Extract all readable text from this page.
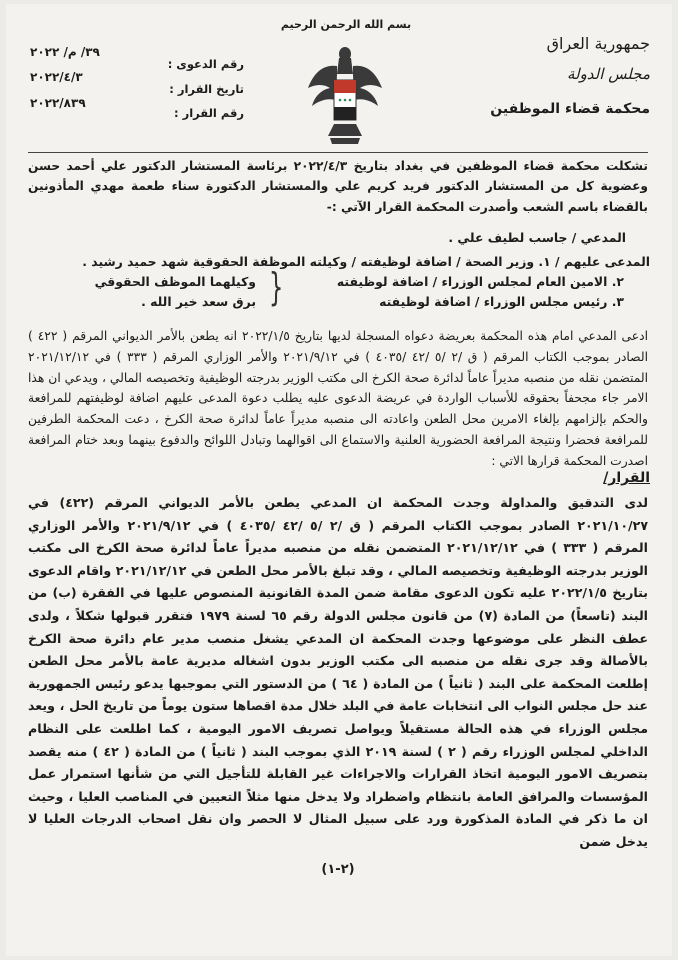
بسم الله الرحمن الرحيم
جمهورية العراق
مجلس الدولة
محكمة قضاء الموظفين
رقم الدعوى :
تاريخ القرار :
رقم القرار :
٣٩/ م/ ٢٠٢٢
٢٠٢٢/٤/٣
٢٠٢٢/٨٣٩
تشكلت محكمة قضاء الموظفين في بغداد بتاريخ ٢٠٢٢/٤/٣ برئاسة المستشار الدكتور علي أحمد حسن وعضوية كل من المستشار الدكتور فريد كريم علي والمستشار الدكتورة سناء طعمة مهدي المأذونين بالقضاء باسم الشعب وأصدرت المحكمة القرار الآتي :-
المدعي / جاسب لطيف علي .
المدعى عليهم / ١. وزير الصحة / اضافة لوظيفته / وكيلته الموظفة الحقوقية شهد حميد رشيد .
٢. الامين العام لمجلس الوزراء / اضافة لوظيفته
٣. رئيس مجلس الوزراء / اضافة لوظيفته
}
وكيلهما الموظف الحقوقي
برق سعد خير الله .
ادعى المدعي امام هذه المحكمة بعريضة دعواه المسجلة لديها بتاريخ ٢٠٢٢/١/٥ انه يطعن بالأمر الديواني المرقم ( ٤٢٢ ) الصادر بموجب الكتاب المرقم ( ق /٢ /٥ /٤٢ /٤٠٣٥ ) في ٢٠٢١/٩/١٢ والأمر الوزاري المرقم ( ٣٣٣ ) في ٢٠٢١/١٢/١٢ المتضمن نقله من منصبه مديراً عاماً لدائرة صحة الكرخ الى مكتب الوزير بدرجته الوظيفية وتخصيصه المالي ، ويدعي ان هذا الامر جاء مجحفاً بحقوقه للأسباب الواردة في عريضة الدعوى عليه يطلب دعوة المدعى عليهم اضافة لوظيفتهم للمرافعة والحكم بإلزامهم بإلغاء الامرين محل الطعن واعادته الى منصبه مديراً عاماً لدائرة صحة الكرخ ، دعت المحكمة الطرفين للمرافعة فحضرا ونتيجة المرافعة الحضورية العلنية والاستماع الى اقوالهما وتبادل اللوائح والدفوع بينهما وبعد ختام المرافعة اصدرت المحكمة قرارها الاتي :
القرار/
لدى التدقيق والمداولة وجدت المحكمة ان المدعي يطعن بالأمر الديواني المرقم (٤٢٢) في ٢٠٢١/١٠/٢٧ الصادر بموجب الكتاب المرقم ( ق /٢ /٥ /٤٢ /٤٠٣٥ ) في ٢٠٢١/٩/١٢ والأمر الوزاري المرقم ( ٣٣٣ ) في ٢٠٢١/١٢/١٢ المتضمن نقله من منصبه مديراً عاماً لدائرة صحة الكرخ الى مكتب الوزير بدرجته الوظيفية وتخصيصه المالي ، وقد تبلغ بالأمر محل الطعن في ٢٠٢١/١٢/١٢ واقام الدعوى بتاريخ ٢٠٢٢/١/٥ عليه تكون الدعوى مقامة ضمن المدة القانونية المنصوص عليها في الفقرة (ب) من البند (تاسعاً) من المادة (٧) من قانون مجلس الدولة رقم ٦٥ لسنة ١٩٧٩ فتقرر قبولها شكلاً ، ولدى عطف النظر على موضوعها وجدت المحكمة ان المدعي يشغل منصب مدير عام دائرة صحة الكرخ بالأصالة وقد جرى نقله من منصبه الى مكتب الوزير بدون اشغاله مديرية عامة بالأمر محل الطعن إطلعت المحكمة على البند ( ثانياً ) من المادة ( ٦٤ ) من الدستور التي بموجبها يدعو رئيس الجمهورية عند حل مجلس النواب الى انتخابات عامة في البلد خلال مدة اقصاها ستون يوماً من تاريخ الحل ، ويعد مجلس الوزراء في هذه الحالة مستقيلاً ويواصل تصريف الامور اليومية ، كما اطلعت على النظام الداخلي لمجلس الوزراء رقم ( ٢ ) لسنة ٢٠١٩ الذي بموجب البند ( ثانياً ) من المادة ( ٤٢ ) منه يقصد بتصريف الامور اليومية اتخاذ القرارات والاجراءات غير القابلة للتأجيل التي من شأنها استمرار عمل المؤسسات والمرافق العامة بانتظام واضطراد ولا يدخل منها مثلاً التعيين في المناصب العليا ، وحيث ان ما ذكر في المادة المذكورة ورد على سبيل المثال لا الحصر وان نقل اصحاب الدرجات العليا لا يدخل ضمن
(٢-١)
